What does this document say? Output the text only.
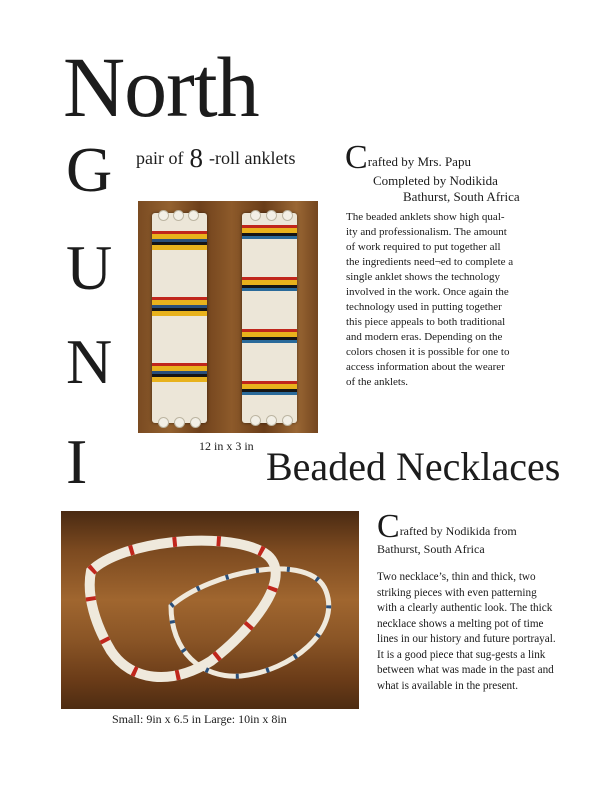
North
G
U
N
I
pair of 8 -roll anklets
12 in x 3 in
Crafted by Mrs. Papu
Completed by Nodikida
Bathurst, South Africa
The beaded anklets show high qual-ity and professionalism. The amount of work required to put together all the ingredients need¬ed to complete a single anklet shows the technology involved in the work. Once again the technology used in putting together this piece appeals to both traditional and modern eras. Depending on the colors chosen it is possible for one to access information about the wearer of the anklets.
Beaded Necklaces
Small: 9in x 6.5 in Large: 10in x 8in
Crafted by Nodikida from
Bathurst, South Africa
Two necklace’s, thin and thick, two striking pieces with even patterning with a clearly authentic look. The thick necklace shows a melting pot of time lines in our history and future portrayal. It is a good piece that sug-gests a link between what was made in the past and what is available in the present.
